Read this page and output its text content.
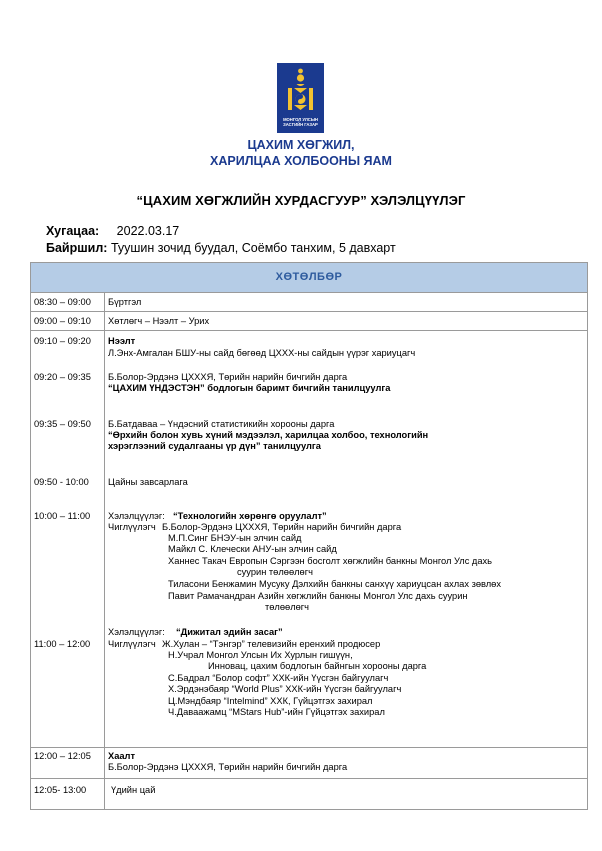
МОНГОЛ УЛСЫН
ЗАСГИЙН ГАЗАР
ЦАХИМ ХӨГЖИЛ,
ХАРИЛЦАА ХОЛБООНЫ ЯАМ
“ЦАХИМ ХӨГЖЛИЙН ХУРДАСГУУР” ХЭЛЭЛЦҮҮЛЭГ
Хугацаа: 2022.03.17
Байршил: Туушин зочид буудал, Соёмбо танхим, 5 давхарт
ХӨТӨЛБӨР
08:30 – 09:00 Бүртгэл
09:00 – 09:10 Хөтлөгч – Нээлт – Урих
09:10 – 09:20 Нээлт
Л.Энх-Амгалан БШУ-ны сайд бөгөөд ЦХХХ-ны сайдын үүрэг хариуцагч
09:20 – 09:35 Б.Болор-Эрдэнэ ЦХХХЯ, Төрийн нарийн бичгийн дарга
“ЦАХИМ ҮНДЭСТЭН” бодлогын баримт бичгийн танилцуулга
09:35 – 09:50 Б.Батдаваа – Үндэсний статистикийн хорооны дарга
“Өрхийн болон хувь хүний мэдээлэл, харилцаа холбоо, технологийн
хэрэглээний судалгааны үр дүн” танилцуулга
09:50 - 10:00 Цайны завсарлага
10:00 – 11:00 Хэлэлцүүлэг: “Технологийн хөрөнгө оруулалт”
Чиглүүлэгч Б.Болор-Эрдэнэ ЦХХХЯ, Төрийн нарийн бичгийн дарга
М.П.Синг БНЭУ-ын элчин сайд
Майкл С. Клечески АНУ-ын элчин сайд
Ханнес Такач Европын Сэргээн босголт хөгжлийн банкны Монгол Улс дахь
суурин төлөөлөгч
Тиласони Бенжамин Мусуку Дэлхийн банкны санхүү хариуцсан ахлах зөвлөх
Павит Рамачандран Азийн хөгжлийн банкны Монгол Улс дахь суурин
төлөөлөгч
11:00 – 12:00
Хэлэлцүүлэг: “Дижитал эдийн засаг”
Чиглүүлэгч Ж.Хулан – “Тэнгэр” телевизийн еренхий продюсер
Н.Учрал Монгол Улсын Их Хурлын гишүүн,
Инновац, цахим бодлогын байнгын хорооны дарга
С.Бадрал “Болор софт” ХХК-ийн Үүсгэн байгуулагч
Х.Эрдэнэбаяр “World Plus” ХХК-ийн Үүсгэн байгуулагч
Ц.Мэндбаяр “Intelmind” ХХК, Гүйцэтгэх захирал
Ч.Даваажамц “MStars Hub”-ийн Гүйцэтгэх захирал
12:00 – 12:05 Хаалт
Б.Болор-Эрдэнэ ЦХХХЯ, Төрийн нарийн бичгийн дарга
12:05- 13:00	Үдийн цай
